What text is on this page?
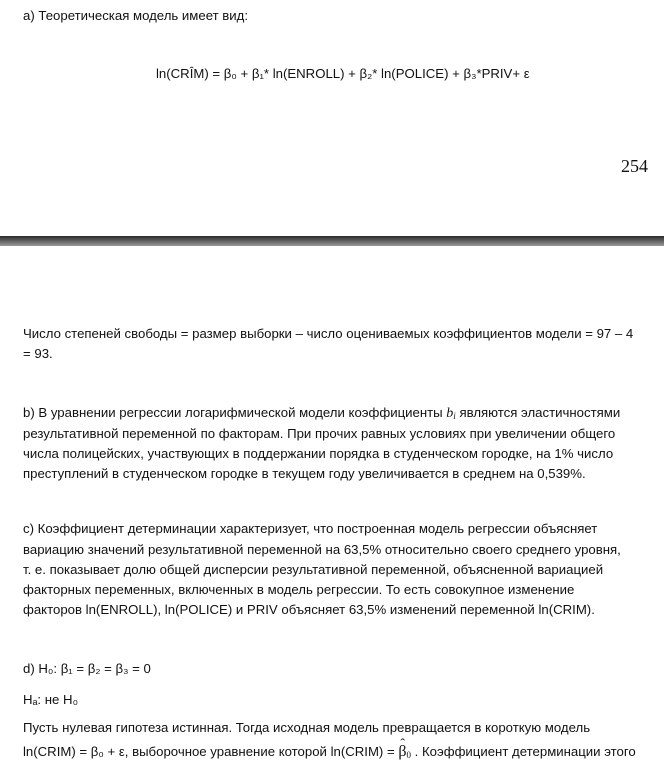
a) Теоретическая модель имеет вид:
ln(CRÎM) = β₀ + β₁* ln(ENROLL) + β₂* ln(POLICE) + β₃*PRIV+ ε
254
Число степеней свободы = размер выборки – число оцениваемых коэффициентов модели = 97 – 4
= 93.
b) В уравнении регрессии логарифмической модели коэффициенты $b_i$ являются эластичностями
результативной переменной по факторам. При прочих равных условиях при увеличении общего
числа полицейских, участвующих в поддержании порядка в студенческом городке, на 1% число
преступлений в студенческом городке в текущем году увеличивается в среднем на 0,539%.
c) Коэффициент детерминации характеризует, что построенная модель регрессии объясняет
вариацию значений результативной переменной на 63,5% относительно своего среднего уровня,
т. е. показывает долю общей дисперсии результативной переменной, объясненной вариацией
факторных переменных, включенных в модель регрессии. То есть совокупное изменение
факторов ln(ENROLL), ln(POLICE) и PRIV объясняет 63,5% изменений переменной ln(CRIM).
d) H₀: β₁ = β₂ = β₃ = 0
Hₐ: не H₀
Пусть нулевая гипотеза истинная. Тогда исходная модель превращается в короткую модель
ln(CRIM) = β₀ + ε, выборочное уравнение которой ln(CRIM) = ˆ $\beta_0$ . Коэффициент детерминации этого
